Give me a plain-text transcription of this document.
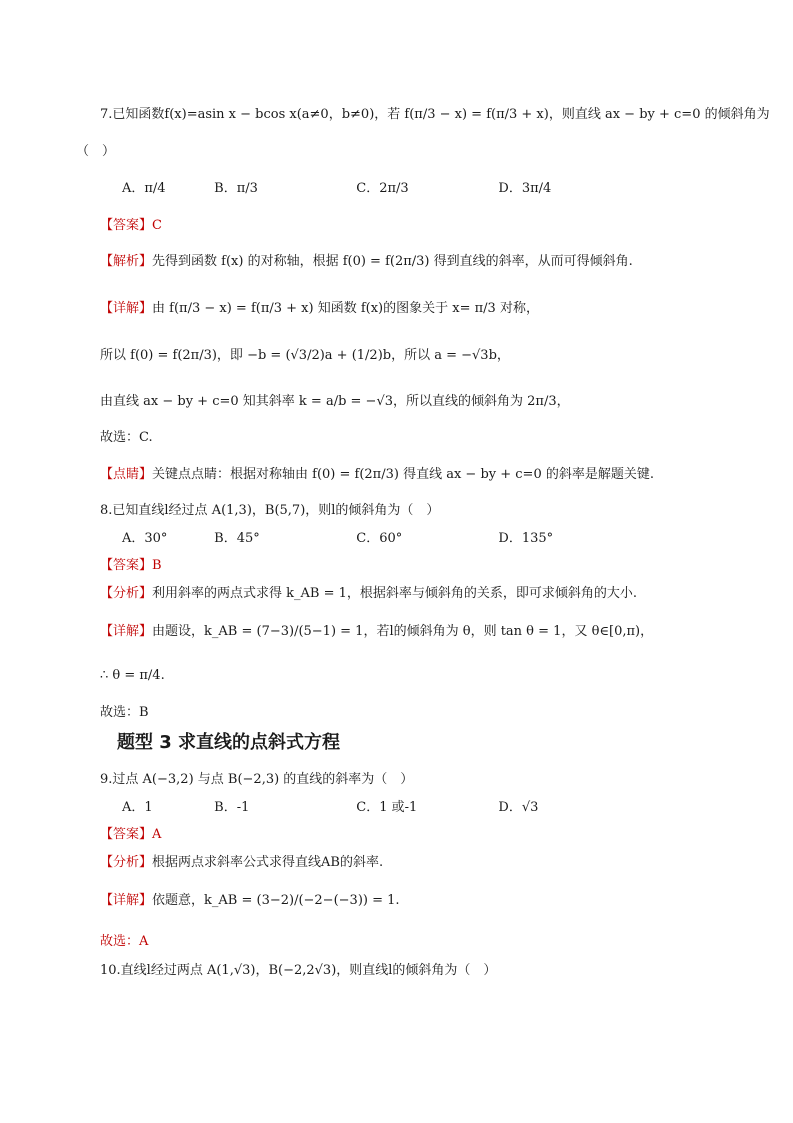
7.已知函数f(x)=asin x − bcos x(a≠0，b≠0)，若 f(π/3 − x) = f(π/3 + x)，则直线 ax − by + c=0 的倾斜角为
（　）
A．π/4	B．π/3	C．2π/3	D．3π/4
【答案】C
【解析】先得到函数 f(x) 的对称轴，根据 f(0) = f(2π/3) 得到直线的斜率，从而可得倾斜角.
【详解】由 f(π/3 − x) = f(π/3 + x) 知函数 f(x)的图象关于 x= π/3 对称，
所以 f(0) = f(2π/3)，即 −b = (√3/2)a + (1/2)b，所以 a = −√3b，
由直线 ax − by + c=0 知其斜率 k = a/b = −√3，所以直线的倾斜角为 2π/3，
故选：C.
【点睛】关键点点睛：根据对称轴由 f(0) = f(2π/3) 得直线 ax − by + c=0 的斜率是解题关键.
8.已知直线l经过点 A(1,3)，B(5,7)，则l的倾斜角为（　）
A．30°	B．45°	C．60°	D．135°
【答案】B
【分析】利用斜率的两点式求得 k_AB = 1，根据斜率与倾斜角的关系，即可求倾斜角的大小.
【详解】由题设，k_AB = (7−3)/(5−1) = 1，若l的倾斜角为 θ，则 tan θ = 1，又 θ∈[0,π)，
∴ θ = π/4.
故选：B
题型 3 求直线的点斜式方程
9.过点 A(−3,2) 与点 B(−2,3) 的直线的斜率为（　）
A．1	B．-1	C．1 或-1	D．√3
【答案】A
【分析】根据两点求斜率公式求得直线AB的斜率.
【详解】依题意，k_AB = (3−2)/(−2−(−3)) = 1.
故选：A
10.直线l经过两点 A(1,√3)，B(−2,2√3)，则直线l的倾斜角为（　）
